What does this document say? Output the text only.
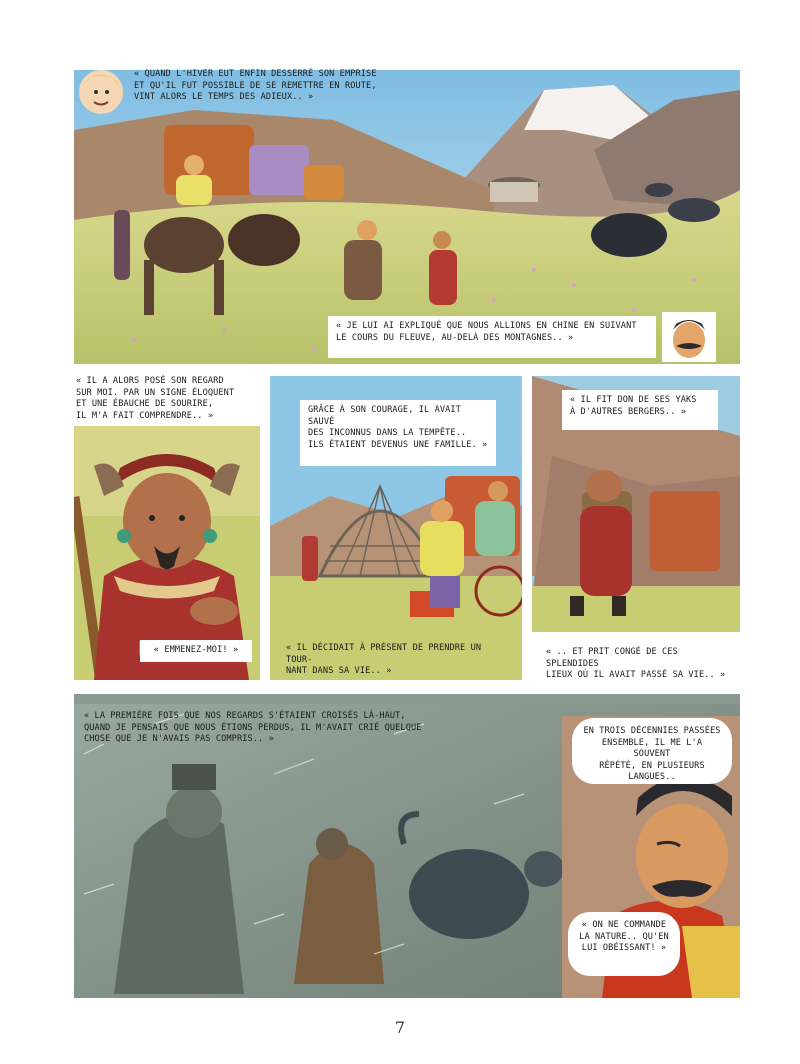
« QUAND L'HIVER EUT ENFIN DESSERRÉ SON EMPRISE
ET QU'IL FUT POSSIBLE DE SE REMETTRE EN ROUTE,
VINT ALORS LE TEMPS DES ADIEUX.. »
« JE LUI AI EXPLIQUÉ QUE NOUS ALLIONS EN CHINE EN SUIVANT
LE COURS DU FLEUVE, AU-DELÀ DES MONTAGNES.. »
« IL A ALORS POSÉ SON REGARD
SUR MOI. PAR UN SIGNE ÉLOQUENT
ET UNE ÉBAUCHE DE SOURIRE,
IL M'A FAIT COMPRENDRE.. »
« EMMENEZ-MOI! »
GRÂCE À SON COURAGE, IL AVAIT SAUVÉ
DES INCONNUS DANS LA TEMPÊTE..
ILS ÉTAIENT DEVENUS UNE FAMILLE. »
« IL DÉCIDAIT À PRÉSENT DE PRENDRE UN TOUR-
NANT DANS SA VIE.. »
« IL FIT DON DE SES YAKS
À D'AUTRES BERGERS.. »
« .. ET PRIT CONGÉ DE CES SPLENDIDES
LIEUX OÙ IL AVAIT PASSÉ SA VIE.. »
« LA PREMIÈRE FOIS QUE NOS REGARDS S'ÉTAIENT CROISÉS LÀ-HAUT,
QUAND JE PENSAIS QUE NOUS ÉTIONS PERDUS, IL M'AVAIT CRIÉ QUELQUE
CHOSE QUE JE N'AVAIS PAS COMPRIS.. »
EN TROIS DÉCENNIES PASSÉES
ENSEMBLE, IL ME L'A SOUVENT
RÉPÉTÉ, EN PLUSIEURS
LANGUES..
« ON NE COMMANDE
LA NATURE.. QU'EN
LUI OBÉISSANT! »
7
